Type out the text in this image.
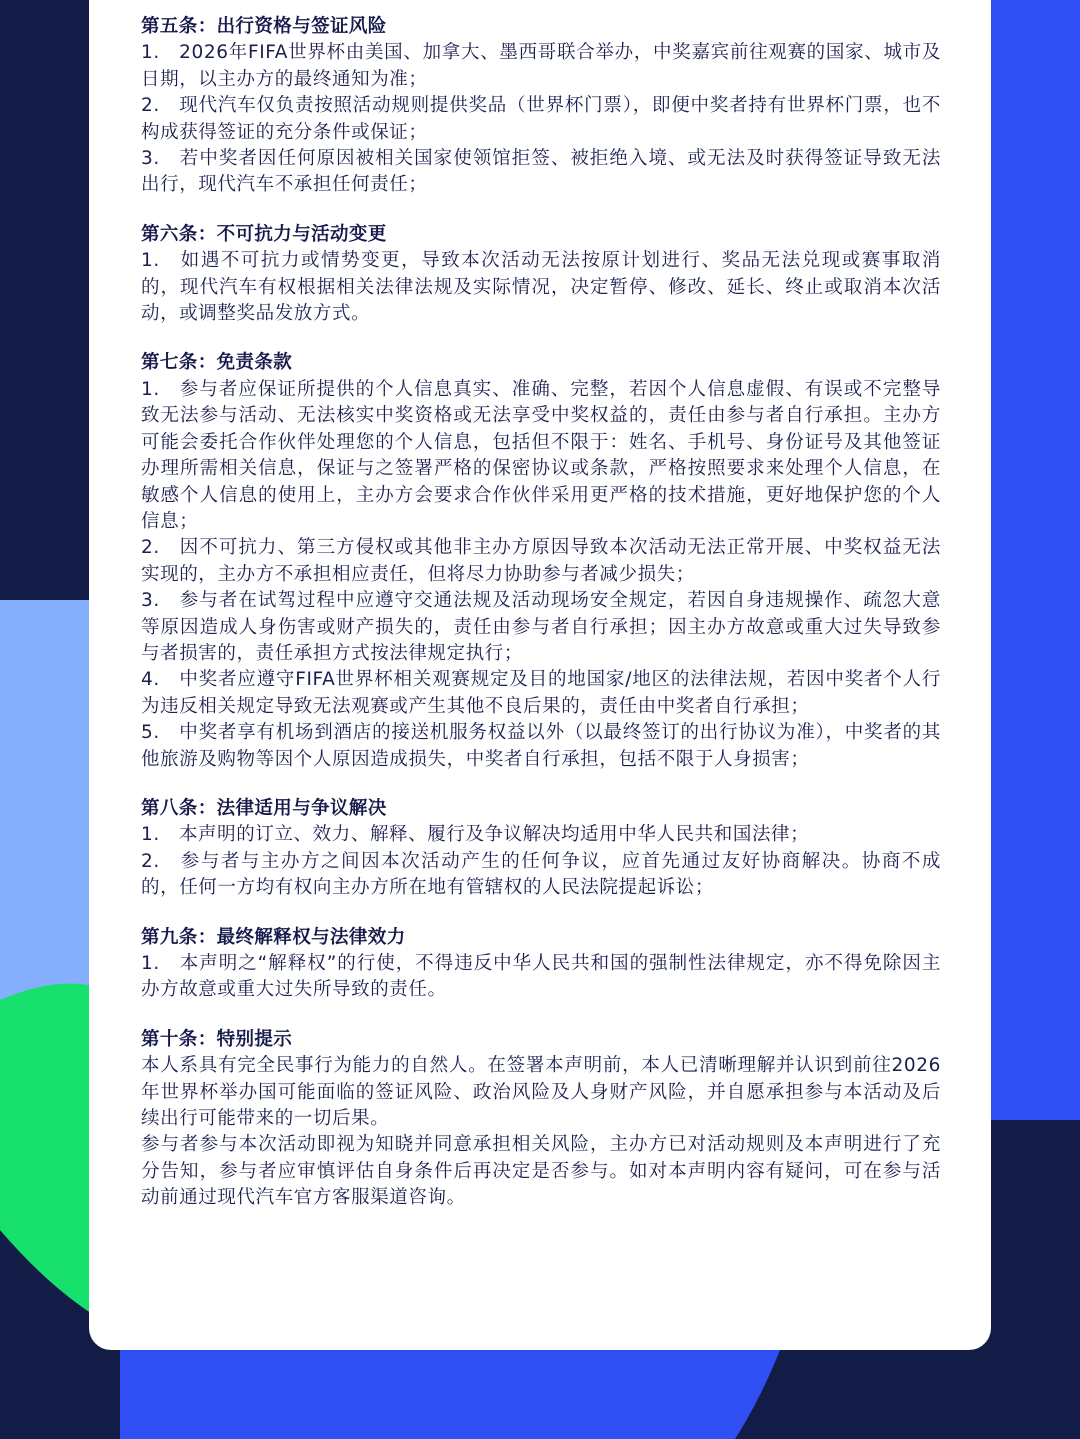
第五条：出行资格与签证风险
1.　2026年FIFA世界杯由美国、加拿大、墨西哥联合举办，中奖嘉宾前往观赛的国家、城市及日期，以主办方的最终通知为准；
2.　现代汽车仅负责按照活动规则提供奖品（世界杯门票），即便中奖者持有世界杯门票，也不构成获得签证的充分条件或保证；
3.　若中奖者因任何原因被相关国家使领馆拒签、被拒绝入境、或无法及时获得签证导致无法出行，现代汽车不承担任何责任；
第六条：不可抗力与活动变更
1.　如遇不可抗力或情势变更，导致本次活动无法按原计划进行、奖品无法兑现或赛事取消的，现代汽车有权根据相关法律法规及实际情况，决定暂停、修改、延长、终止或取消本次活动，或调整奖品发放方式。
第七条：免责条款
1.　参与者应保证所提供的个人信息真实、准确、完整，若因个人信息虚假、有误或不完整导致无法参与活动、无法核实中奖资格或无法享受中奖权益的，责任由参与者自行承担。主办方可能会委托合作伙伴处理您的个人信息，包括但不限于：姓名、手机号、身份证号及其他签证办理所需相关信息，保证与之签署严格的保密协议或条款，严格按照要求来处理个人信息，在敏感个人信息的使用上，主办方会要求合作伙伴采用更严格的技术措施，更好地保护您的个人信息；
2.　因不可抗力、第三方侵权或其他非主办方原因导致本次活动无法正常开展、中奖权益无法实现的，主办方不承担相应责任，但将尽力协助参与者减少损失；
3.　参与者在试驾过程中应遵守交通法规及活动现场安全规定，若因自身违规操作、疏忽大意等原因造成人身伤害或财产损失的，责任由参与者自行承担；因主办方故意或重大过失导致参与者损害的，责任承担方式按法律规定执行；
4.　中奖者应遵守FIFA世界杯相关观赛规定及目的地国家/地区的法律法规，若因中奖者个人行为违反相关规定导致无法观赛或产生其他不良后果的，责任由中奖者自行承担；
5.　中奖者享有机场到酒店的接送机服务权益以外（以最终签订的出行协议为准），中奖者的其他旅游及购物等因个人原因造成损失，中奖者自行承担，包括不限于人身损害；
第八条：法律适用与争议解决
1.　本声明的订立、效力、解释、履行及争议解决均适用中华人民共和国法律；
2.　参与者与主办方之间因本次活动产生的任何争议，应首先通过友好协商解决。协商不成的，任何一方均有权向主办方所在地有管辖权的人民法院提起诉讼；
第九条：最终解释权与法律效力
1.　本声明之“解释权”的行使，不得违反中华人民共和国的强制性法律规定，亦不得免除因主办方故意或重大过失所导致的责任。
第十条：特别提示
本人系具有完全民事行为能力的自然人。在签署本声明前，本人已清晰理解并认识到前往2026年世界杯举办国可能面临的签证风险、政治风险及人身财产风险，并自愿承担参与本活动及后续出行可能带来的一切后果。
参与者参与本次活动即视为知晓并同意承担相关风险，主办方已对活动规则及本声明进行了充分告知，参与者应审慎评估自身条件后再决定是否参与。如对本声明内容有疑问，可在参与活动前通过现代汽车官方客服渠道咨询。
